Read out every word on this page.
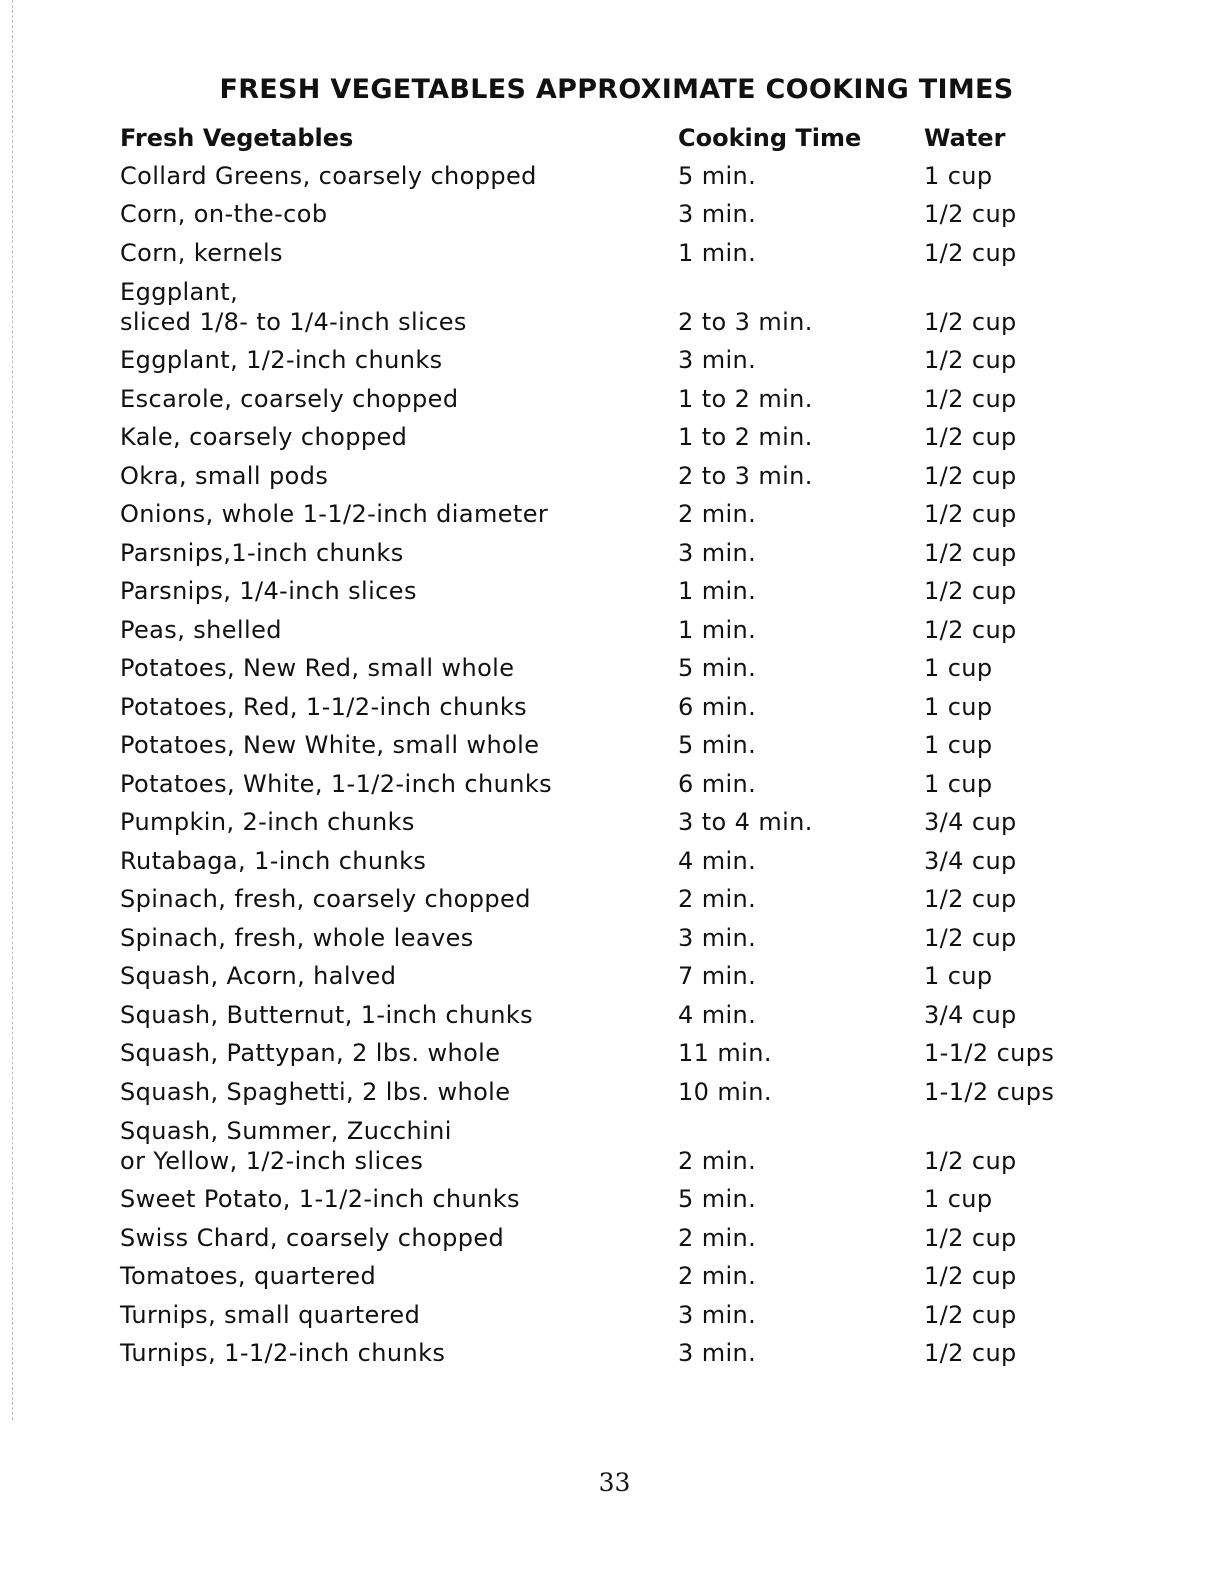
FRESH VEGETABLES APPROXIMATE COOKING TIMES
Fresh Vegetables	Cooking Time	Water
Collard Greens, coarsely chopped	5 min.	1 cup
Corn, on-the-cob	3 min.	1/2 cup
Corn, kernels	1 min.	1/2 cup
Eggplant,
sliced 1/8- to 1/4-inch slices	2 to 3 min.	1/2 cup
Eggplant, 1/2-inch chunks	3 min.	1/2 cup
Escarole, coarsely chopped	1 to 2 min.	1/2 cup
Kale, coarsely chopped	1 to 2 min.	1/2 cup
Okra, small pods	2 to 3 min.	1/2 cup
Onions, whole 1-1/2-inch diameter	2 min.	1/2 cup
Parsnips,1-inch chunks	3 min.	1/2 cup
Parsnips, 1/4-inch slices	1 min.	1/2 cup
Peas, shelled	1 min.	1/2 cup
Potatoes, New Red, small whole	5 min.	1 cup
Potatoes, Red, 1-1/2-inch chunks	6 min.	1 cup
Potatoes, New White, small whole	5 min.	1 cup
Potatoes, White, 1-1/2-inch chunks	6 min.	1 cup
Pumpkin, 2-inch chunks	3 to 4 min.	3/4 cup
Rutabaga, 1-inch chunks	4 min.	3/4 cup
Spinach, fresh, coarsely chopped	2 min.	1/2 cup
Spinach, fresh, whole leaves	3 min.	1/2 cup
Squash, Acorn, halved	7 min.	1 cup
Squash, Butternut, 1-inch chunks	4 min.	3/4 cup
Squash, Pattypan, 2 lbs. whole	11 min.	1-1/2 cups
Squash, Spaghetti, 2 lbs. whole	10 min.	1-1/2 cups
Squash, Summer, Zucchini
or Yellow, 1/2-inch slices	2 min.	1/2 cup
Sweet Potato, 1-1/2-inch chunks	5 min.	1 cup
Swiss Chard, coarsely chopped	2 min.	1/2 cup
Tomatoes, quartered	2 min.	1/2 cup
Turnips, small quartered	3 min.	1/2 cup
Turnips, 1-1/2-inch chunks	3 min.	1/2 cup
33
